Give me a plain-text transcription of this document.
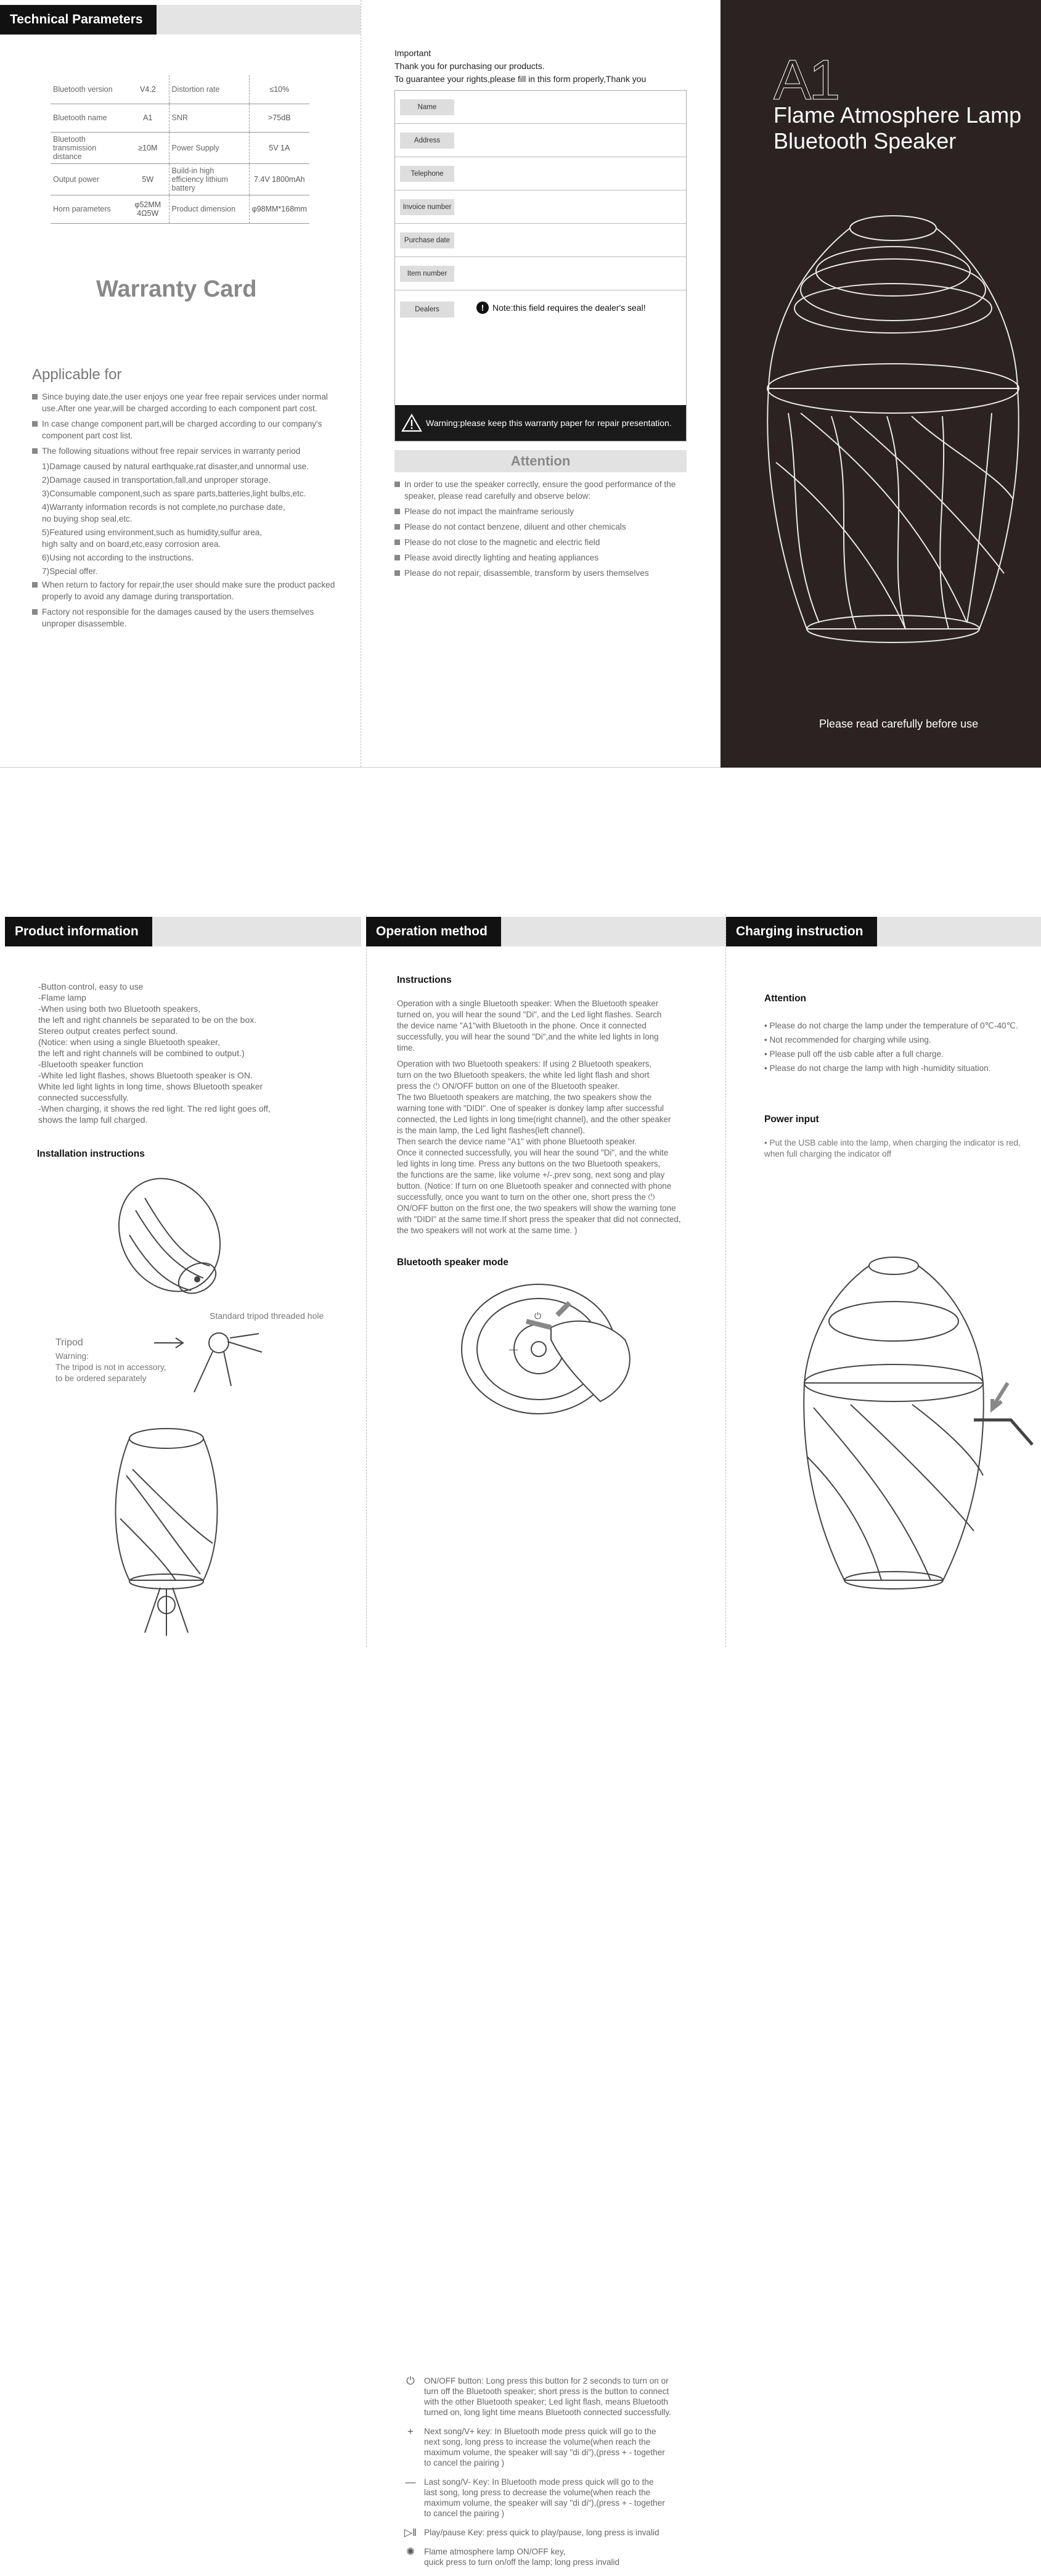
Technical Parameters
Bluetooth version	V4.2	Distortion rate	≤10%
Bluetooth name	A1	SNR	>75dB
Bluetooth transmission distance	≥10M	Power Supply	5V 1A
Output power	5W	Build-in high efficiency lithium battery	7.4V 1800mAh
Horn parameters	φ52MM 4Ω5W	Product dimension	φ98MM*168mm
Warranty Card
Applicable for
Since buying date,the user enjoys one year free repair services under normal use.After one year,will be charged according to each component part cost.
In case change component part,will be charged according to our company's component part cost list.
The following situations without free repair services in warranty period
1)Damage caused by natural earthquake,rat disaster,and unnormal use.
2)Damage caused in transportation,fall,and unproper storage.
3)Consumable component,such as spare parts,batteries,light bulbs,etc.
4)Warranty information records is not complete,no purchase date,
no buying shop seal,etc.
5)Featured using environment,such as humidity,sulfur area,
high salty and on board,etc,easy corrosion area.
6)Using not according to the instructions.
7)Special offer.
When return to factory for repair,the user should make sure the product packed properly to avoid any damage during transportation.
Factory not responsible for the damages caused by the users themselves unproper disassemble.
Important
Thank you for purchasing our products.
To guarantee your rights,please fill in this form properly,Thank you
Name
Address
Telephone
Invoice number
Purchase date
Item number
Dealers	! Note:this field requires the dealer's seal!
Warning:please keep this warranty paper for repair presentation.
Attention
In order to use the speaker correctly, ensure the good performance of the speaker, please read carefully and observe below:
Please do not impact the mainframe seriously
Please do not contact benzene, diluent and other chemicals
Please do not close to the magnetic and electric field
Please avoid directly lighting and heating appliances
Please do not repair, disassemble, transform by users themselves
A1
Flame Atmosphere Lamp
Bluetooth Speaker
Please read carefully before use
Product information
-Button control, easy to use
-Flame lamp
-When using both two Bluetooth speakers,
the left and right channels be separated to be on the box.
Stereo output creates perfect sound.
(Notice: when using a single Bluetooth speaker,
the left and right channels will be combined to output.)
-Bluetooth speaker function
-White led light flashes, shows Bluetooth speaker is ON.
White led light lights in long time, shows Bluetooth speaker
connected successfully.
-When charging, it shows the red light. The red light goes off,
shows the lamp full charged.
Installation instructions
Standard tripod threaded hole
Tripod
Warning:
The tripod is not in accessory,
to be ordered separately
Operation method
Instructions
Operation with a single Bluetooth speaker: When the Bluetooth speaker
turned on, you will hear the sound "Di", and the Led light flashes. Search
the device name "A1"with Bluetooth in the phone. Once it connected
successfully, you will hear the sound "Di",and the white led lights in long
time.
Operation with two Bluetooth speakers: If using 2 Bluetooth speakers,
turn on the two Bluetooth speakers, the white led light flash and short
press the ⏻ ON/OFF button on one of the Bluetooth speaker.
The two Bluetooth speakers are matching, the two speakers show the
warning tone with "DIDI". One of speaker is donkey lamp after successful
connected, the Led lights in long time(right channel), and the other speaker
is the main lamp, the Led light flashes(left channel).
Then search the device name "A1" with phone Bluetooth speaker.
Once it connected successfully, you will hear the sound "Di", and the white
led lights in long time. Press any buttons on the two Bluetooth speakers,
the functions are the same, like volume +/-,prev song, next song and play
button. (Notice: If turn on one Bluetooth speaker and connected with phone
successfully, once you want to turn on the other one, short press the ⏻
ON/OFF button on the first one, the two speakers will show the warning tone
with "DIDI" at the same time.If short press the speaker that did not connected,
the two speakers will not work at the same time. )
Bluetooth speaker mode
⏻
—
⏻	ON/OFF button: Long press this button for 2 seconds to turn on or
turn off the Bluetooth speaker; short press is the button to connect
with the other Bluetooth speaker; Led light flash, means Bluetooth
turned on, long light time means Bluetooth connected successfully.
+	Next song/V+ key: In Bluetooth mode press quick will go to the
next song, long press to increase the volume(when reach the
maximum volume, the speaker will say "di di"),(press + - together
to cancel the pairing )
— Last song/V- Key: In Bluetooth mode press quick will go to the
last song, long press to decrease the volume(when reach the
maximum volume, the speaker will say "di di"),(press + - together
to cancel the pairing )
▷‖ Play/pause Key: press quick to play/pause, long press is invalid
✺	Flame atmosphere lamp ON/OFF key,
quick press to turn on/off the lamp; long press invalid
Charging instruction
Attention
• Please do not charge the lamp under the temperature of 0℃-40℃.
• Not recommended for charging while using.
• Please pull off the usb cable after a full charge.
• Please do not charge the lamp with high -humidity situation.
Power input
• Put the USB cable into the lamp, when charging the indicator is red,
when full charging the indicator off
